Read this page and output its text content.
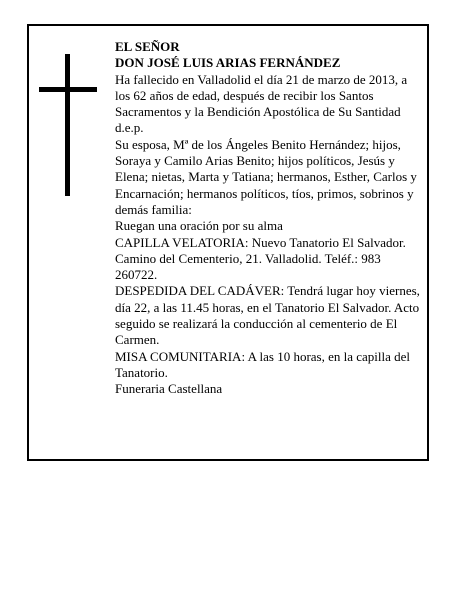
EL SEÑOR

DON JOSÉ LUIS ARIAS FERNÁNDEZ

Ha fallecido en Valladolid el día 21 de marzo de 2013, a los 62 años de edad, después de recibir los Santos Sacramentos y la Bendición Apostólica de Su Santidad

d.e.p.

Su esposa, Mª de los Ángeles Benito Hernández; hijos, Soraya y Camilo Arias Benito; hijos políticos, Jesús y Elena; nietas, Marta y Tatiana; hermanos, Esther, Carlos y Encarnación; hermanos políticos, tíos, primos, sobrinos y demás familia:

Ruegan una oración por su alma

CAPILLA VELATORIA: Nuevo Tanatorio El Salvador. Camino del Cementerio, 21. Valladolid. Teléf.: 983 260722.

DESPEDIDA DEL CADÁVER: Tendrá lugar hoy viernes, día 22, a las 11.45 horas, en el Tanatorio El Salvador. Acto seguido se realizará la conducción al cementerio de El Carmen.

MISA COMUNITARIA: A las 10 horas, en la capilla del Tanatorio.

Funeraria Castellana
